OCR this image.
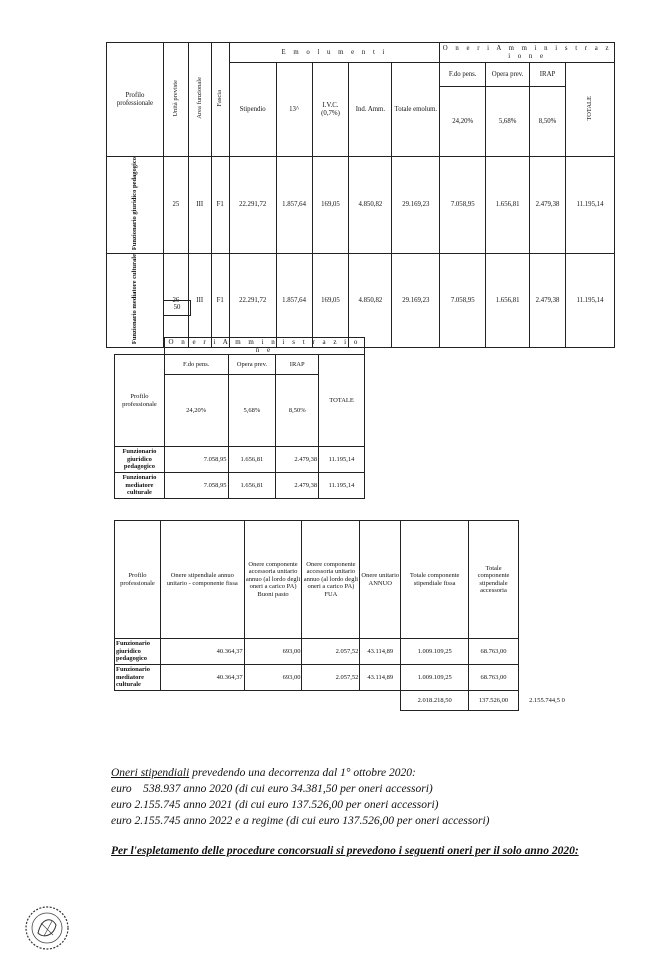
Profilo professionale	Unità previste	Area funzionale	Fascia	E m o l u m e n t i					O n e r i A m m i n i s t r a z i o n e			
				Stipendio	13^	I.V.C. (0,7%)	Ind. Amm.	Totale emolum.	F.do pens.	Opera prev.	IRAP	TOTALE
									24,20%	5,68%	8,50%	
Funzionario giuridico pedagogico	25	III	F1	22.291,72	1.857,64	169,05	4.850,82	29.169,23	7.058,95	1.656,81	2.479,38	11.195,14
Funzionario mediatore culturale	26	III	F1	22.291,72	1.857,64	169,05	4.850,82	29.169,23	7.058,95	1.656,81	2.479,38	11.195,14
50
	O n e r i A m m i n i s t r a z i o n e			
Profilo professionale	F.do pens.	Opera prev.	IRAP	TOTALE
	24,20%	5,68%	8,50%	
Funzionario giuridico pedagogico	7.058,95	1.656,81	2.479,38	11.195,14
Funzionario mediatore culturale	7.058,95	1.656,81	2.479,38	11.195,14
Profilo professionale	Onere stipendiale annuo unitario - componente fissa	Onere componente accessoria unitario annuo (al lordo degli oneri a carico PA) Buoni pasto	Onere componente accessoria unitario annuo (al lordo degli oneri a carico PA) FUA	Onere unitario ANNUO	Totale componente stipendiale fissa	Totale componente stipendiale accessoria
Funzionario giuridico pedagogico	40.364,37	693,00	2.057,52	43.114,89	1.009.109,25	68.763,00
Funzionario mediatore culturale	40.364,37	693,00	2.057,52	43.114,89	1.009.109,25	68.763,00
					2.018.218,50	137.526,00	2.155.744,5 0

Oneri stipendiali prevedendo una decorrenza dal 1° ottobre 2020:

euro    538.937 anno 2020 (di cui euro 34.381,50 per oneri accessori)

euro 2.155.745 anno 2021 (di cui euro 137.526,00 per oneri accessori)

euro 2.155.745 anno 2022 e a regime (di cui euro 137.526,00 per oneri accessori)

Per l'espletamento delle procedure concorsuali si prevedono i seguenti oneri per il solo anno 2020:
